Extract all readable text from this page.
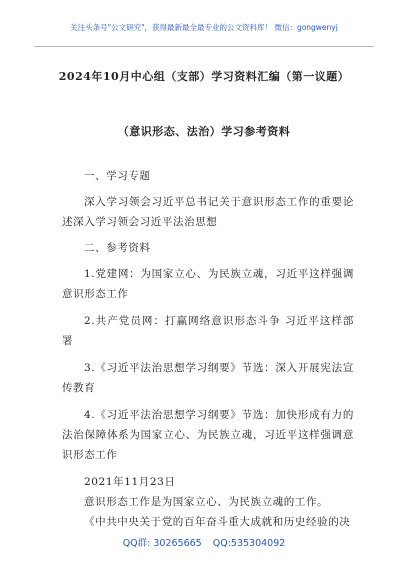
关注头条号"公文研究"，获得最新最全最专业的公文资料库！ 微信：gongwenyj
2024年10月中心组（支部）学习资料汇编（第一议题）
（意识形态、法治）学习参考资料

一、学习专题

深入学习领会习近平总书记关于意识形态工作的重要论述深入学习领会习近平法治思想

二、参考资料

1.党建网：为国家立心、为民族立魂，习近平这样强调意识形态工作

2.共产党员网：打赢网络意识形态斗争 习近平这样部署

3.《习近平法治思想学习纲要》节选：深入开展宪法宣传教育

4.《习近平法治思想学习纲要》节选：加快形成有力的法治保障体系为国家立心、为民族立魂，习近平这样强调意识形态工作

2021年11月23日

意识形态工作是为国家立心、为民族立魂的工作。

《中共中央关于党的百年奋斗重大成就和历史经验的决

QQ群: 30265665 QQ:535304092
